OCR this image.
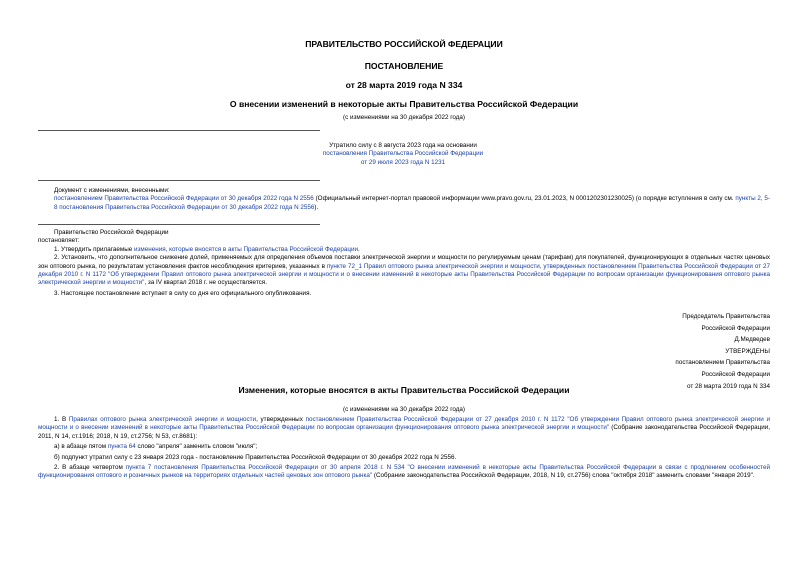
ПРАВИТЕЛЬСТВО РОССИЙСКОЙ ФЕДЕРАЦИИ
ПОСТАНОВЛЕНИЕ
от 28 марта 2019 года N 334
О внесении изменений в некоторые акты Правительства Российской Федерации
(с изменениями на 30 декабря 2022 года)
Утратило силу с 8 августа 2023 года на основании
постановления Правительства Российской Федерации
от 29 июля 2023 года N 1231
Документ с изменениями, внесенными:
постановлением Правительства Российской Федерации от 30 декабря 2022 года N 2556 (Официальный интернет-портал правовой информации www.pravo.gov.ru, 23.01.2023, N 0001202301230025) (о порядке вступления в силу см. пункты 2, 5-8 постановления Правительства Российской Федерации от 30 декабря 2022 года N 2556).
Правительство Российской Федерации
постановляет:
1. Утвердить прилагаемые изменения, которые вносятся в акты Правительства Российской Федерации.
2. Установить, что дополнительное снижение долей, применяемых для определения объемов поставки электрической энергии и мощности по регулируемым ценам (тарифам) для покупателей, функционирующих в отдельных частях ценовых зон оптового рынка, по результатам установления фактов несоблюдения критериев, указанных в пункте 72_1 Правил оптового рынка электрической энергии и мощности, утвержденных постановлением Правительства Российской Федерации от 27 декабря 2010 г. N 1172 "Об утверждении Правил оптового рынка электрической энергии и мощности и о внесении изменений в некоторые акты Правительства Российской Федерации по вопросам организации функционирования оптового рынка электрической энергии и мощности", за IV квартал 2018 г. не осуществляется.
3. Настоящее постановление вступает в силу со дня его официального опубликования.
Председатель Правительства
Российской Федерации
Д.Медведев
УТВЕРЖДЕНЫ
постановлением Правительства
Российской Федерации
от 28 марта 2019 года N 334
Изменения, которые вносятся в акты Правительства Российской Федерации
(с изменениями на 30 декабря 2022 года)
1. В Правилах оптового рынка электрической энергии и мощности, утвержденных постановлением Правительства Российской Федерации от 27 декабря 2010 г. N 1172 "Об утверждении Правил оптового рынка электрической энергии и мощности и о внесении изменений в некоторые акты Правительства Российской Федерации по вопросам организации функционирования оптового рынка электрической энергии и мощности" (Собрание законодательства Российской Федерации, 2011, N 14, ст.1916; 2018, N 19, ст.2756; N 53, ст.8681):
а) в абзаце пятом пункта 64 слово "апреля" заменить словом "июля";
б) подпункт утратил силу с 23 января 2023 года - постановление Правительства Российской Федерации от 30 декабря 2022 года N 2556.
2. В абзаце четвертом пункта 7 постановления Правительства Российской Федерации от 30 апреля 2018 г. N 534 "О внесении изменений в некоторые акты Правительства Российской Федерации в связи с продлением особенностей функционирования оптового и розничных рынков на территориях отдельных частей ценовых зон оптового рынка" (Собрание законодательства Российской Федерации, 2018, N 19, ст.2756) слова "октября 2018" заменить словами "января 2019".
